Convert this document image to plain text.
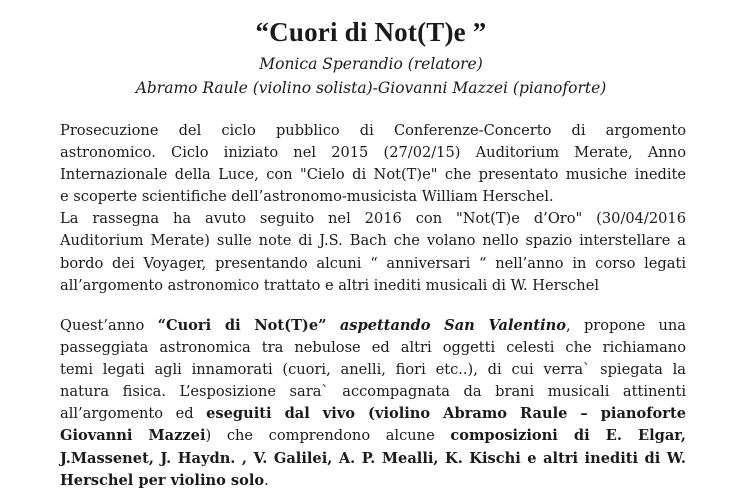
“Cuori di Not(T)e ”
Monica Sperandio (relatore)
Abramo Raule (violino solista)-Giovanni Mazzei (pianoforte)
Prosecuzione del ciclo pubblico di Conferenze-Concerto di argomento
astronomico. Ciclo iniziato nel 2015 (27/02/15) Auditorium Merate, Anno
Internazionale della Luce, con "Cielo di Not(T)e" che presentato musiche inedite
e scoperte scientifiche dell’astronomo-musicista William Herschel.
La rassegna ha avuto seguito nel 2016 con "Not(T)e d’Oro" (30/04/2016
Auditorium Merate) sulle note di J.S. Bach che volano nello spazio interstellare a
bordo dei Voyager, presentando alcuni “ anniversari “ nell’anno in corso legati
all’argomento astronomico trattato e altri inediti musicali di W. Herschel
Quest’anno “Cuori di Not(T)e” aspettando San Valentino, propone una
passeggiata astronomica tra nebulose ed altri oggetti celesti che richiamano
temi legati agli innamorati (cuori, anelli, fiori etc..), di cui verra` spiegata la
natura fisica. L’esposizione sara` accompagnata da brani musicali attinenti
all’argomento ed eseguiti dal vivo (violino Abramo Raule – pianoforte
Giovanni Mazzei) che comprendono alcune composizioni di E. Elgar,
J.Massenet, J. Haydn. , V. Galilei, A. P. Mealli, K. Kischi e altri inediti di W.
Herschel per violino solo.
